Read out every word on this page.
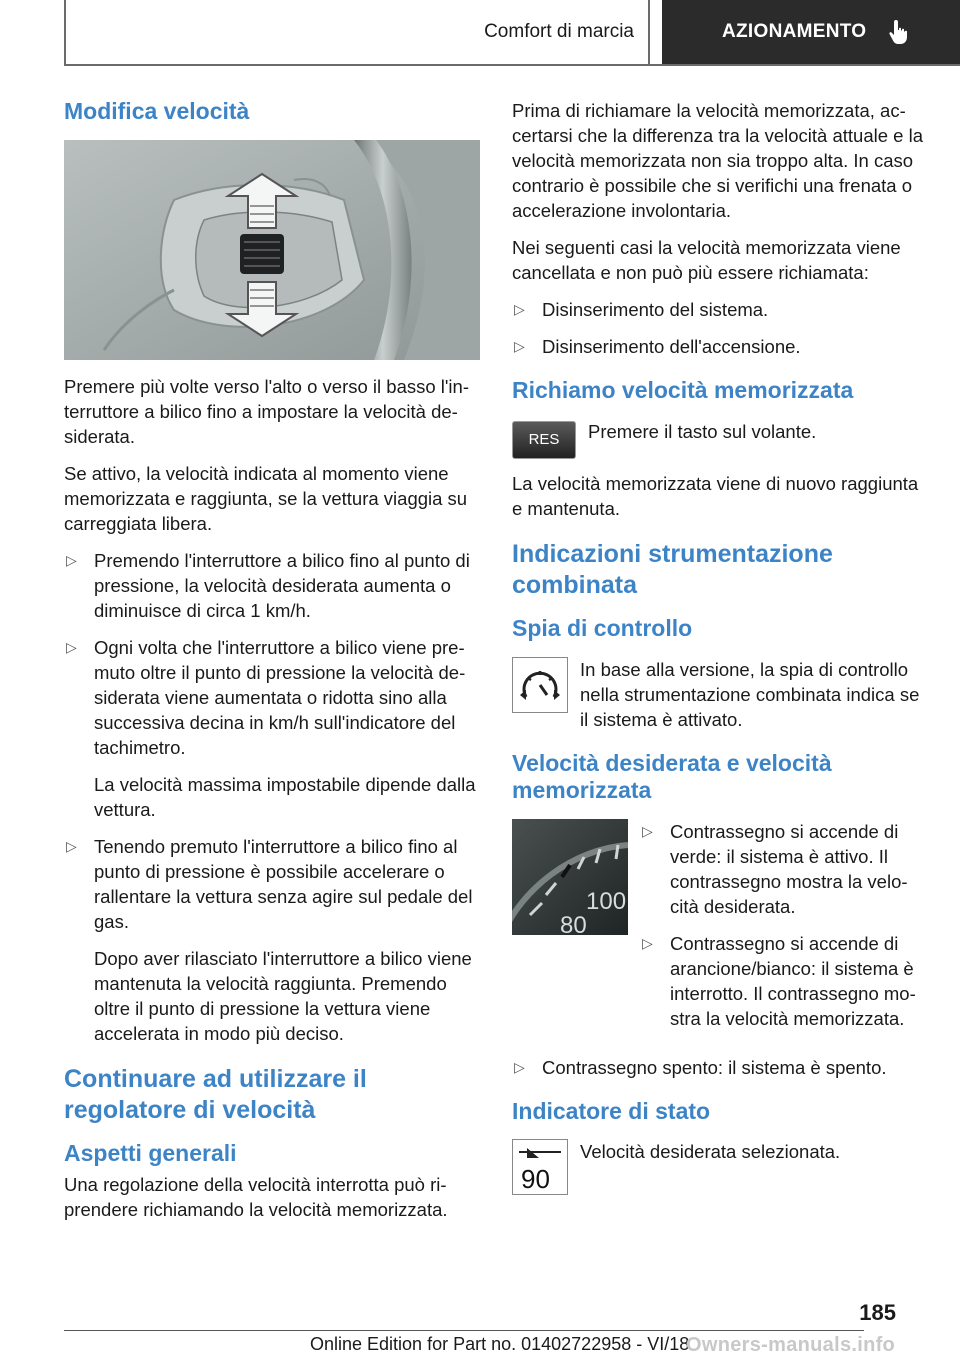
Comfort di marcia	AZIONAMENTO
Modifica velocità

Premere più volte verso l'alto o verso il basso l'interruttore a bilico fino a impostare la velocità desiderata.

Se attivo, la velocità indicata al momento viene memorizzata e raggiunta, se la vettura viaggia su carreggiata libera.

▷ Premendo l'interruttore a bilico fino al punto di pressione, la velocità desiderata aumenta o diminuisce di circa 1 km/h.
▷ Ogni volta che l'interruttore a bilico viene premuto oltre il punto di pressione la velocità desiderata viene aumentata o ridotta sino alla successiva decina in km/h sull'indicatore del tachimetro.
La velocità massima impostabile dipende dalla vettura.
▷ Tenendo premuto l'interruttore a bilico fino al punto di pressione è possibile accelerare o rallentare la vettura senza agire sul pedale del gas.
Dopo aver rilasciato l'interruttore a bilico viene mantenuta la velocità raggiunta. Premendo oltre il punto di pressione la vettura viene accelerata in modo più deciso.
Continuare ad utilizzare il regolatore di velocità
Aspetti generali

Una regolazione della velocità interrotta può riprendere richiamando la velocità memorizzata.

Prima di richiamare la velocità memorizzata, accertarsi che la differenza tra la velocità attuale e la velocità memorizzata non sia troppo alta. In caso contrario è possibile che si verifichi una frenata o accelerazione involontaria.

Nei seguenti casi la velocità memorizzata viene cancellata e non può più essere richiamata:

▷ Disinserimento del sistema.
▷ Disinserimento dell'accensione.
Richiamo velocità memorizzata
RES	Premere il tasto sul volante.

La velocità memorizzata viene di nuovo raggiunta e mantenuta.

Indicazioni strumentazione combinata
Spia di controllo

In base alla versione, la spia di controllo nella strumentazione combinata indica se il sistema è attivato.

Velocità desiderata e velocità memorizzata
100
80
▷ Contrassegno si accende di verde: il sistema è attivo. Il contrassegno mostra la velocità desiderata.
▷ Contrassegno si accende di arancione/bianco: il sistema è interrotto. Il contrassegno mostra la velocità memorizzata.
▷ Contrassegno spento: il sistema è spento.
Indicatore di stato
90

Velocità desiderata selezionata.

185
Online Edition for Part no. 01402722958 - VI/18
Owners-manuals.info
